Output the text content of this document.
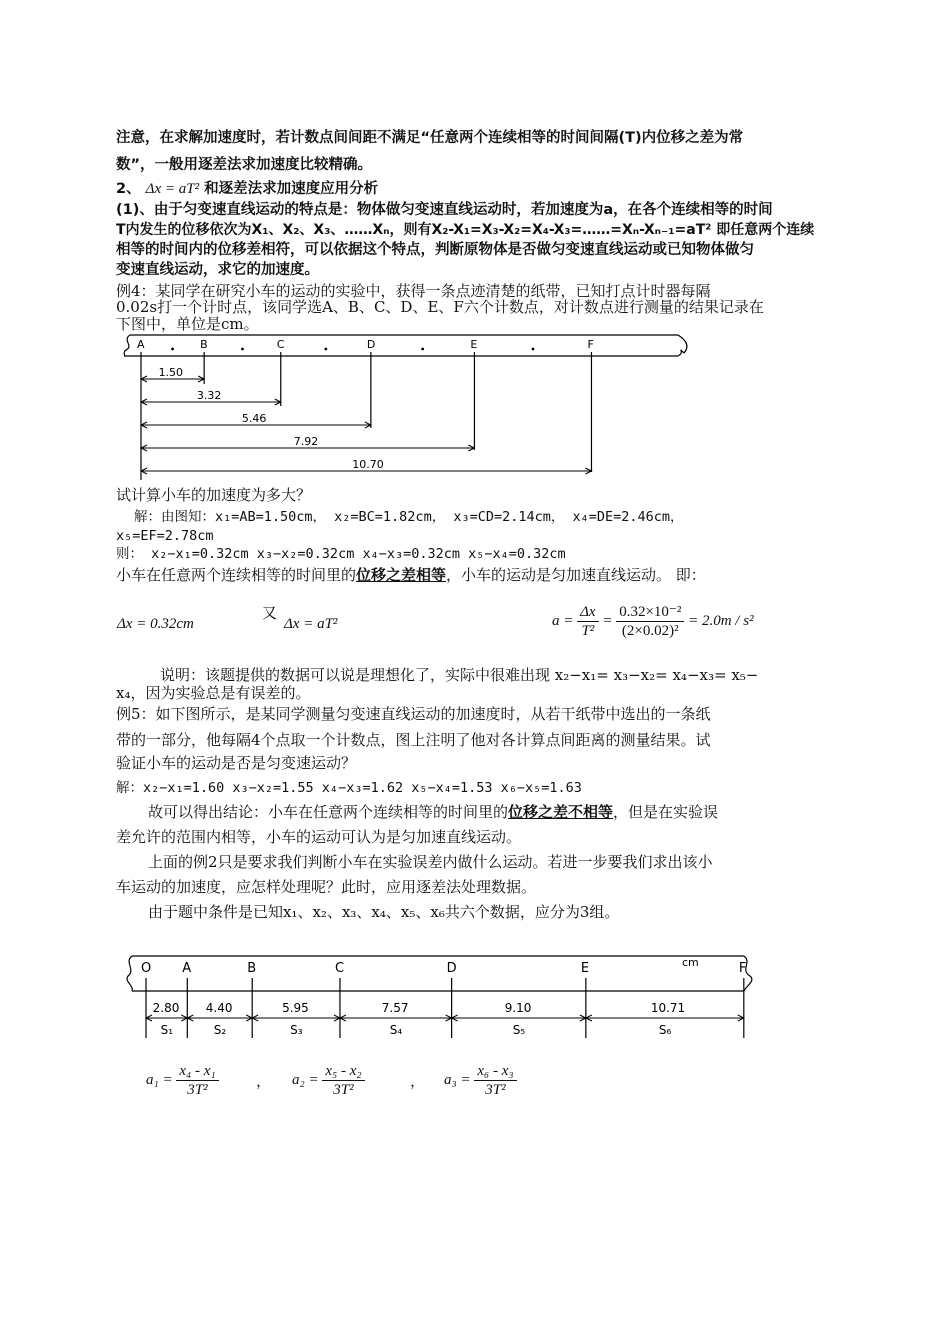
注意，在求解加速度时，若计数点间间距不满足“任意两个连续相等的时间间隔(T)内位移之差为常
数”，一般用逐差法求加速度比较精确。
2、 Δx = aT² 和逐差法求加速度应用分析
(1)、由于匀变速直线运动的特点是：物体做匀变速直线运动时，若加速度为a，在各个连续相等的时间
T内发生的位移依次为X₁、X₂、X₃、……Xₙ，则有X₂-X₁=X₃-X₂=X₄-X₃=……=Xₙ-Xₙ₋₁=aT² 即任意两个连续
相等的时间内的位移差相符，可以依据这个特点，判断原物体是否做匀变速直线运动或已知物体做匀
变速直线运动，求它的加速度。
例4：某同学在研究小车的运动的实验中，获得一条点迹清楚的纸带，已知打点计时器每隔
0.02s打一个计时点，该同学选A、B、C、D、E、F六个计数点，对计数点进行测量的结果记录在
下图中，单位是cm。
A	B	C	D	E	F
1.50
3.32
5.46
7.92
10.70
试计算小车的加速度为多大？
解：由图知：x₁=AB=1.50cm， x₂=BC=1.82cm， x₃=CD=2.14cm， x₄=DE=2.46cm，
x₅=EF=2.78cm
则： x₂−x₁=0.32cm x₃−x₂=0.32cm x₄−x₃=0.32cm x₅−x₄=0.32cm
小车在任意两个连续相等的时间里的位移之差相等，小车的运动是匀加速直线运动。 即：
Δx = 0.32cm
又
Δx = aT²	$a = \frac{\Delta x}{\text{T²}} = \frac{\text{0.32×10⁻²}}{\text{(2×0.02)²}} = 2.0m / s^2$
说明：该题提供的数据可以说是理想化了，实际中很难出现 x₂−x₁= x₃−x₂= x₄−x₃= x₅−
x₄，因为实验总是有误差的。
例5：如下图所示，是某同学测量匀变速直线运动的加速度时，从若干纸带中选出的一条纸
带的一部分，他每隔4个点取一个计数点，图上注明了他对各计算点间距离的测量结果。试
验证小车的运动是否是匀变速运动？
解：x₂−x₁=1.60 x₃−x₂=1.55 x₄−x₃=1.62 x₅−x₄=1.53 x₆−x₅=1.63
故可以得出结论：小车在任意两个连续相等的时间里的位移之差不相等，但是在实验误
差允许的范围内相等，小车的运动可认为是匀加速直线运动。
上面的例2只是要求我们判断小车在实验误差内做什么运动。若进一步要我们求出该小
车运动的加速度，应怎样处理呢？此时，应用逐差法处理数据。
由于题中条件是已知x₁、x₂、x₃、x₄、x₅、x₆共六个数据，应分为3组。
cm
O A	B	C	D	E	F
2.80
S₁
4.40
S₂
5.95
S₃
7.57
S₄
9.10
S₅
10.71
S₆
$a_1 = \frac{\text{x₄ - x₁}}{\text{3T²}}$ ， $a_2 = \frac{\text{x₅ - x₂}}{\text{3T²}}$	， $a_3 = \frac{\text{x₆ - x₃}}{\text{3T²}}$
